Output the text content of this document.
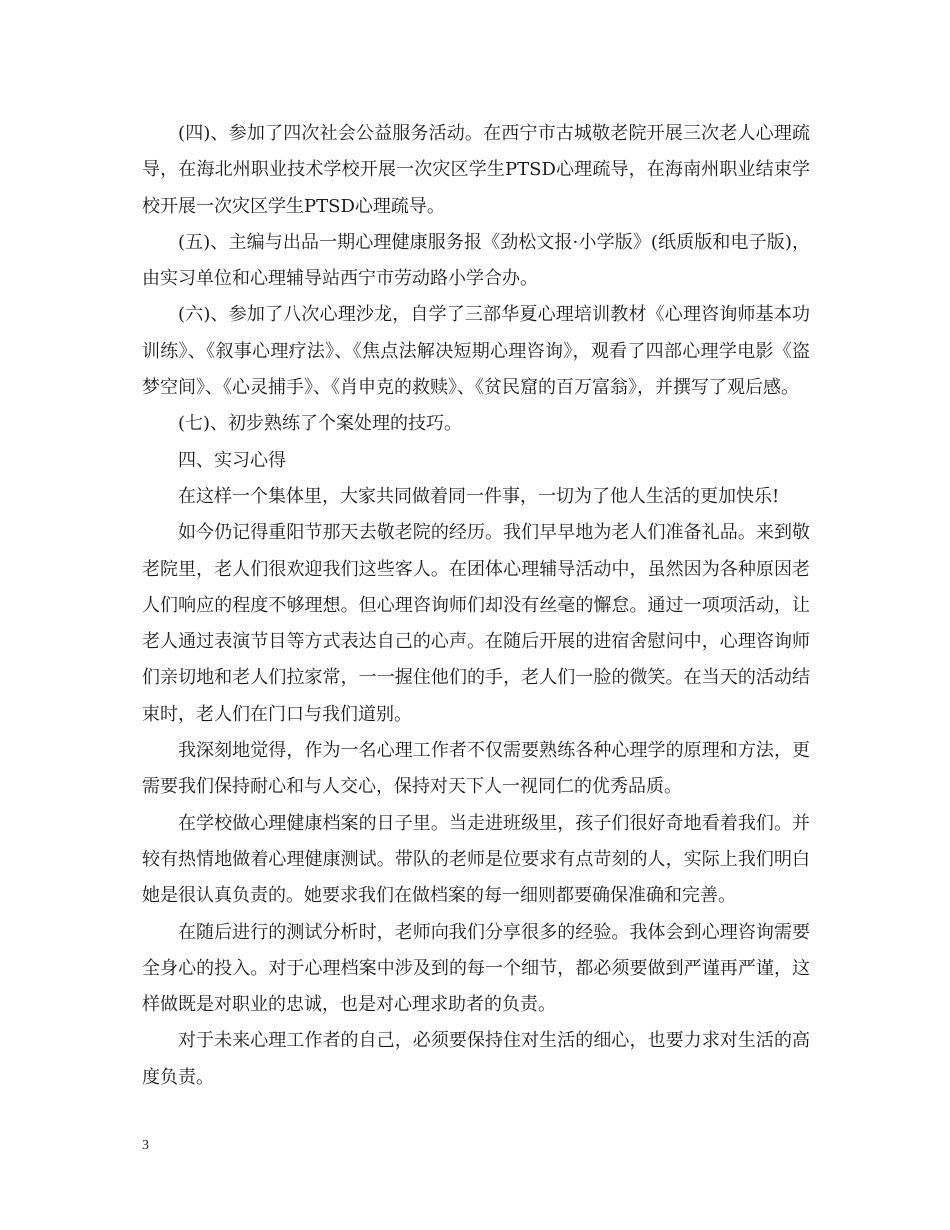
(四)、参加了四次社会公益服务活动。在西宁市古城敬老院开展三次老人心理疏导，在海北州职业技术学校开展一次灾区学生PTSD心理疏导，在海南州职业结束学校开展一次灾区学生PTSD心理疏导。

(五)、主编与出品一期心理健康服务报《劲松文报·小学版》(纸质版和电子版)，由实习单位和心理辅导站西宁市劳动路小学合办。

(六)、参加了八次心理沙龙，自学了三部华夏心理培训教材《心理咨询师基本功训练》、《叙事心理疗法》、《焦点法解决短期心理咨询》，观看了四部心理学电影《盗梦空间》、《心灵捕手》、《肖申克的救赎》、《贫民窟的百万富翁》，并撰写了观后感。

(七)、初步熟练了个案处理的技巧。

四、实习心得

在这样一个集体里，大家共同做着同一件事，一切为了他人生活的更加快乐!

如今仍记得重阳节那天去敬老院的经历。我们早早地为老人们准备礼品。来到敬老院里，老人们很欢迎我们这些客人。在团体心理辅导活动中，虽然因为各种原因老人们响应的程度不够理想。但心理咨询师们却没有丝毫的懈怠。通过一项项活动，让老人通过表演节目等方式表达自己的心声。在随后开展的进宿舍慰问中，心理咨询师们亲切地和老人们拉家常，一一握住他们的手，老人们一脸的微笑。在当天的活动结束时，老人们在门口与我们道别。

我深刻地觉得，作为一名心理工作者不仅需要熟练各种心理学的原理和方法，更需要我们保持耐心和与人交心，保持对天下人一视同仁的优秀品质。

在学校做心理健康档案的日子里。当走进班级里，孩子们很好奇地看着我们。并较有热情地做着心理健康测试。带队的老师是位要求有点苛刻的人，实际上我们明白她是很认真负责的。她要求我们在做档案的每一细则都要确保准确和完善。

在随后进行的测试分析时，老师向我们分享很多的经验。我体会到心理咨询需要全身心的投入。对于心理档案中涉及到的每一个细节，都必须要做到严谨再严谨，这样做既是对职业的忠诚，也是对心理求助者的负责。

对于未来心理工作者的自己，必须要保持住对生活的细心，也要力求对生活的高度负责。

3
